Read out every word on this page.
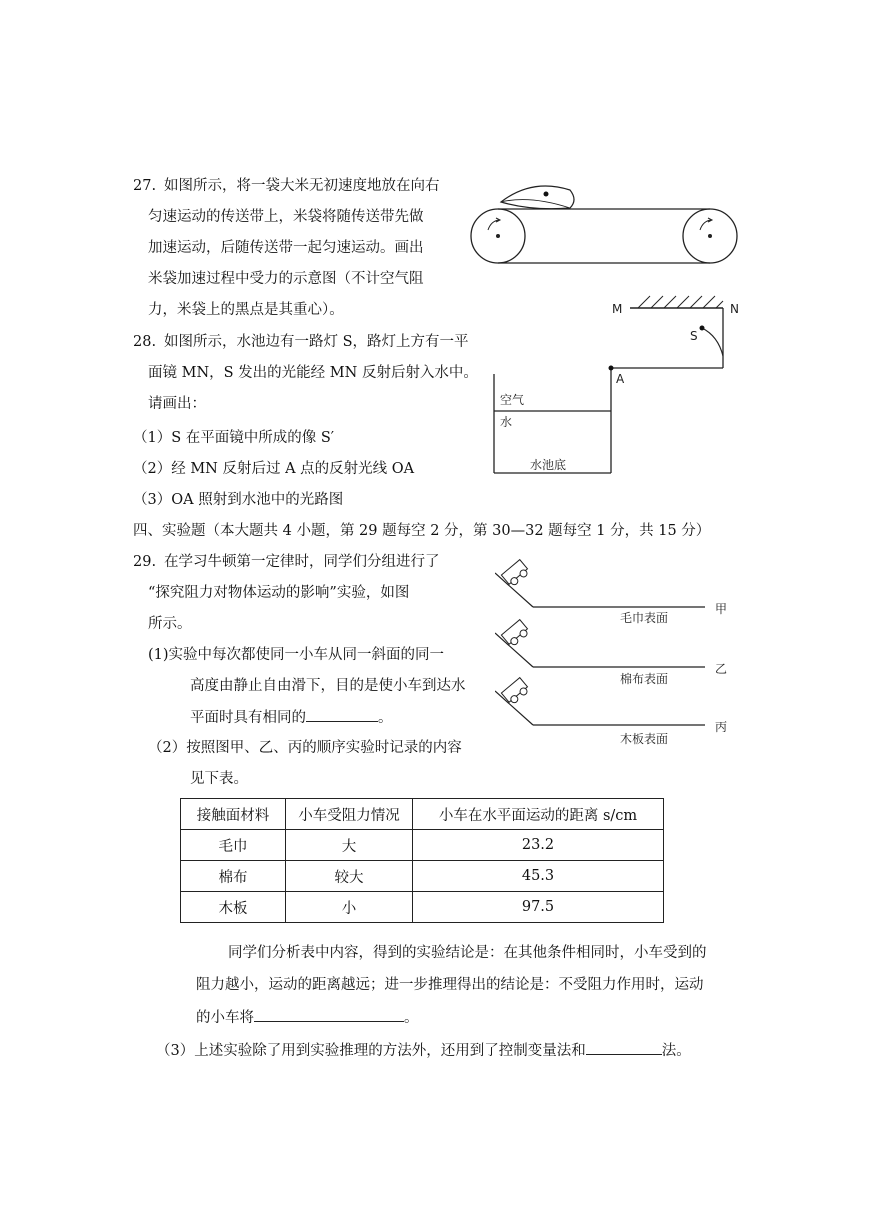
27. 如图所示，将一袋大米无初速度地放在向右
匀速运动的传送带上，米袋将随传送带先做
加速运动，后随传送带一起匀速运动。画出
米袋加速过程中受力的示意图（不计空气阻
力，米袋上的黑点是其重心）。
28. 如图所示，水池边有一路灯 S，路灯上方有一平
面镜 MN，S 发出的光能经 MN 反射后射入水中。
请画出：
（1）S 在平面镜中所成的像 S′
（2）经 MN 反射后过 A 点的反射光线 OA
（3）OA 照射到水池中的光路图
M	N
S
A
空气
水
水池底
四、实验题（本大题共 4 小题，第 29 题每空 2 分，第 30—32 题每空 1 分，共 15 分）
29. 在学习牛顿第一定律时，同学们分组进行了
“探究阻力对物体运动的影响”实验，如图
所示。
(1)实验中每次都使同一小车从同一斜面的同一
高度由静止自由滑下，目的是使小车到达水
平面时具有相同的	。
（2）按照图甲、乙、丙的顺序实验时记录的内容
见下表。
毛巾表面
甲
棉布表面
乙
木板表面
丙
接触面材料	小车受阻力情况	小车在水平面运动的距离 s/cm
毛巾	大	23.2
棉布	较大	45.3
木板	小	97.5
同学们分析表中内容，得到的实验结论是：在其他条件相同时，小车受到的
阻力越小，运动的距离越远；进一步推理得出的结论是：不受阻力作用时，运动
的小车将	。
（3）上述实验除了用到实验推理的方法外，还用到了控制变量法和	法。
